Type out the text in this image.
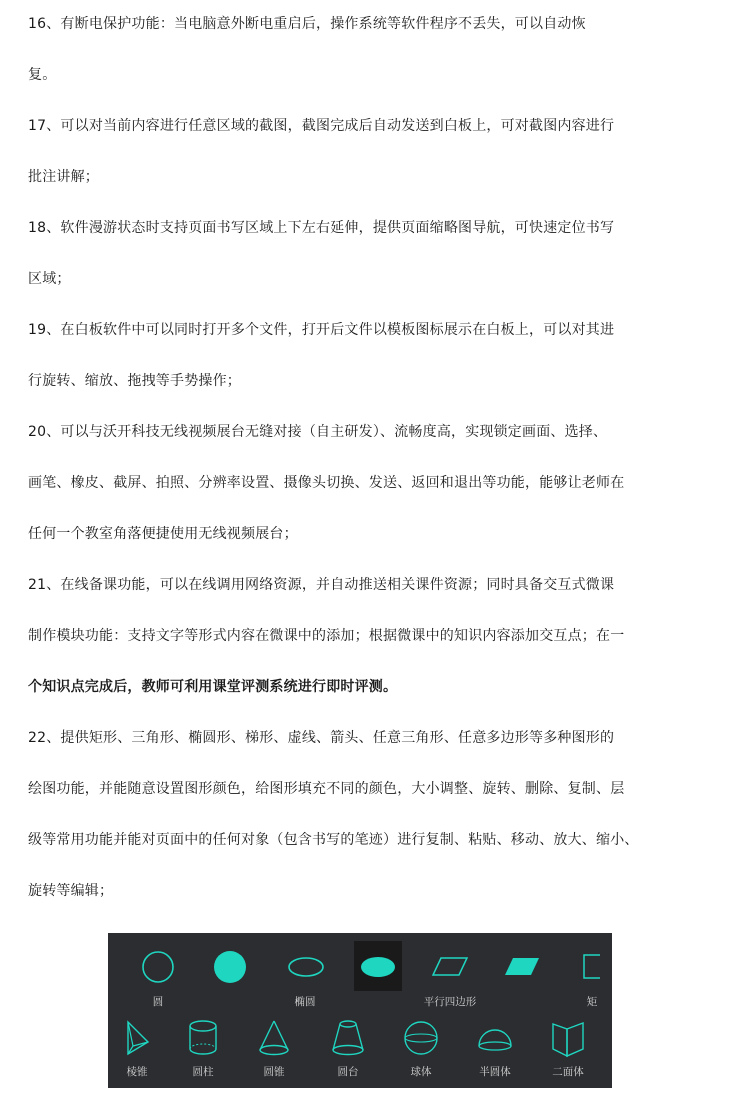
16、有断电保护功能：当电脑意外断电重启后，操作系统等软件程序不丢失，可以自动恢
复。

17、可以对当前内容进行任意区域的截图，截图完成后自动发送到白板上，可对截图内容进行
批注讲解；

18、软件漫游状态时支持页面书写区域上下左右延伸，提供页面缩略图导航，可快速定位书写
区域；

19、在白板软件中可以同时打开多个文件，打开后文件以模板图标展示在白板上，可以对其进
行旋转、缩放、拖拽等手势操作；

20、可以与沃开科技无线视频展台无缝对接（自主研发）、流畅度高，实现锁定画面、选择、
画笔、橡皮、截屏、拍照、分辨率设置、摄像头切换、发送、返回和退出等功能，能够让老师在
任何一个教室角落便捷使用无线视频展台；

21、在线备课功能，可以在线调用网络资源，并自动推送相关课件资源；同时具备交互式微课
制作模块功能：支持文字等形式内容在微课中的添加；根据微课中的知识内容添加交互点；在一
个知识点完成后，教师可利用课堂评测系统进行即时评测。

22、提供矩形、三角形、椭圆形、梯形、虚线、箭头、任意三角形、任意多边形等多种图形的
绘图功能，并能随意设置图形颜色，给图形填充不同的颜色，大小调整、旋转、删除、复制、层
级等常用功能并能对页面中的任何对象（包含书写的笔迹）进行复制、粘贴、移动、放大、缩小、
旋转等编辑；

圆	椭圆	平行四边形	矩
棱锥	圆柱	圆锥	圆台	球体	半圆体	二面体
